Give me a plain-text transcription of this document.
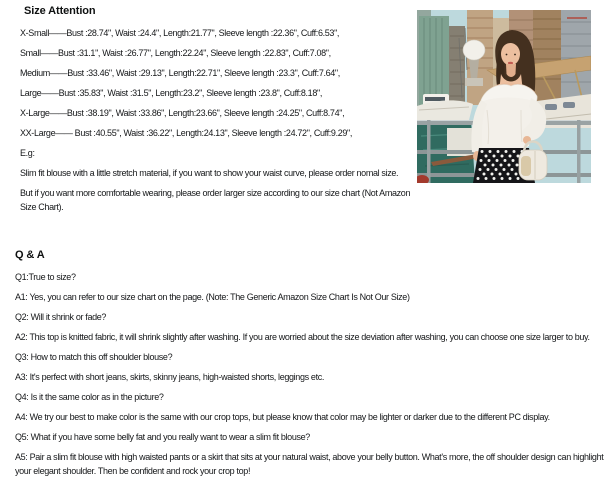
Size Attention

X-Small——Bust :28.74", Waist :24.4", Length:21.77", Sleeve length :22.36", Cuff:6.53",

Small——Bust :31.1", Waist :26.77", Length:22.24", Sleeve length :22.83", Cuff:7.08",

Medium——Bust :33.46", Waist :29.13", Length:22.71", Sleeve length :23.3", Cuff:7.64",

Large——Bust :35.83", Waist :31.5", Length:23.2", Sleeve length :23.8", Cuff:8.18",

X-Large——Bust :38.19", Waist :33.86", Length:23.66", Sleeve length :24.25", Cuff:8.74",

XX-Large—— Bust :40.55", Waist :36.22", Length:24.13", Sleeve length :24.72", Cuff:9.29",

E.g:

Slim fit blouse with a little stretch material, if you want to show your waist curve, please order nomal size.

But if you want more comfortable wearing, please order larger size according to our size chart (Not Amazon Size Chart).

Q & A

Q1:True to size?

A1: Yes, you can refer to our size chart on the page. (Note: The Generic Amazon Size Chart Is Not Our Size)

Q2: Will it shrink or fade?

A2: This top is knitted fabric, it will shrink slightly after washing. If you are worried about the size deviation after washing, you can choose one size larger to buy.

Q3: How to match this off shoulder blouse?

A3: It's perfect with short jeans, skirts, skinny jeans, high-waisted shorts, leggings etc.

Q4: Is it the same color as in the picture?

A4: We try our best to make color is the same with our crop tops, but please know that color may be lighter or darker due to the different PC display.

Q5: What if you have some belly fat and you really want to wear a slim fit blouse?

A5: Pair a slim fit blouse with high waisted pants or a skirt that sits at your natural waist, above your belly button. What's more, the off shoulder design can highlight your elegant shoulder. Then be confident and rock your crop top!
